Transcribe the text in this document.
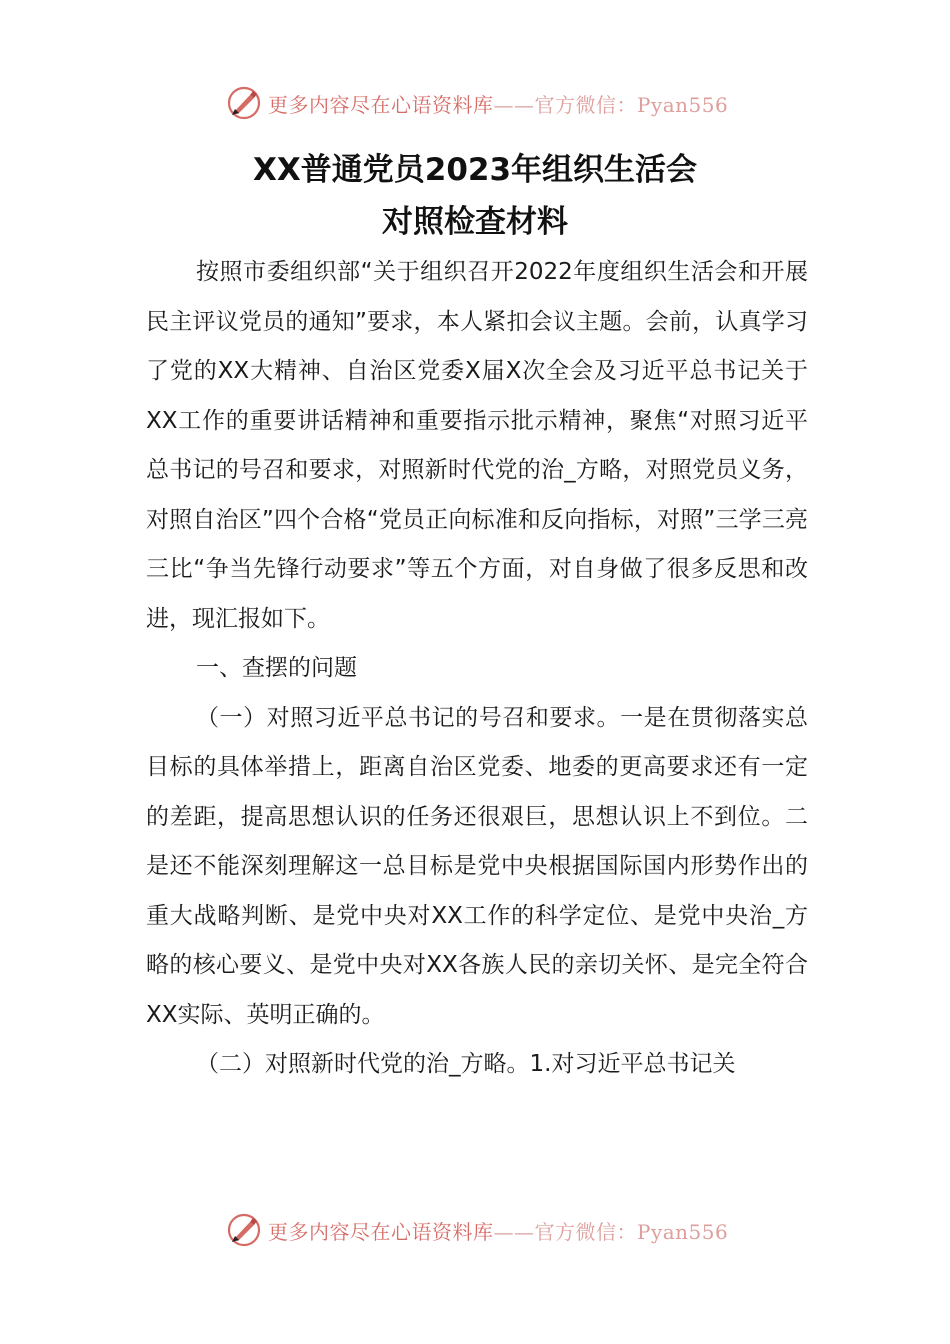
更多内容尽在心语资料库——官方微信：Pyan556
XX普通党员2023年组织生活会
对照检查材料

按照市委组织部“关于组织召开2022年度组织生活会和开展民主评议党员的通知”要求，本人紧扣会议主题。会前，认真学习了党的XX大精神、自治区党委X届X次全会及习近平总书记关于XX工作的重要讲话精神和重要指示批示精神，聚焦“对照习近平总书记的号召和要求，对照新时代党的治_方略，对照党员义务，对照自治区”四个合格“党员正向标准和反向指标，对照”三学三亮三比“争当先锋行动要求”等五个方面，对自身做了很多反思和改进，现汇报如下。

一、查摆的问题

（一）对照习近平总书记的号召和要求。一是在贯彻落实总目标的具体举措上，距离自治区党委、地委的更高要求还有一定的差距，提高思想认识的任务还很艰巨，思想认识上不到位。二是还不能深刻理解这一总目标是党中央根据国际国内形势作出的重大战略判断、是党中央对XX工作的科学定位、是党中央治_方略的核心要义、是党中央对XX各族人民的亲切关怀、是完全符合XX实际、英明正确的。

（二）对照新时代党的治_方略。1.对习近平总书记关

更多内容尽在心语资料库——官方微信：Pyan556
